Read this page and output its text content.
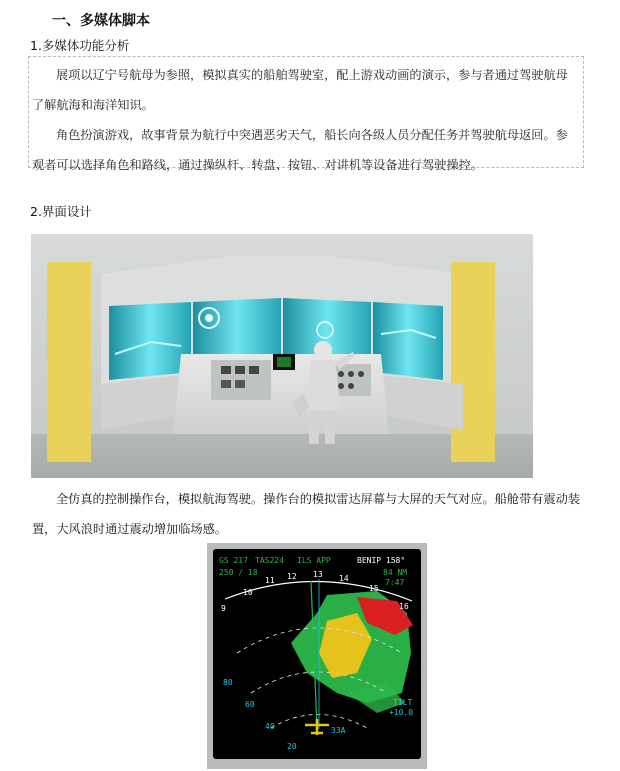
一、多媒体脚本
1.多媒体功能分析
展项以辽宁号航母为参照，模拟真实的船舶驾驶室，配上游戏动画的演示，参与者通过驾驶航母了解航海和海洋知识。
角色扮演游戏，故事背景为航行中突遇恶劣天气，船长向各级人员分配任务并驾驶航母返回。参观者可以选择角色和路线，通过操纵杆、转盘、按钮、对讲机等设备进行驾驶操控。
2.界面设计
全仿真的控制操作台，模拟航海驾驶。操作台的模拟雷达屏幕与大屏的天气对应。船舱带有震动装置，大风浪时通过震动增加临场感。
GS 217 TAS224 ILS APP	BENIP 158°
250 / 18	84 NM
7:47
9
10
11 12 13 14
15
16
80
60
40
20
TILT
+10.0
33A
